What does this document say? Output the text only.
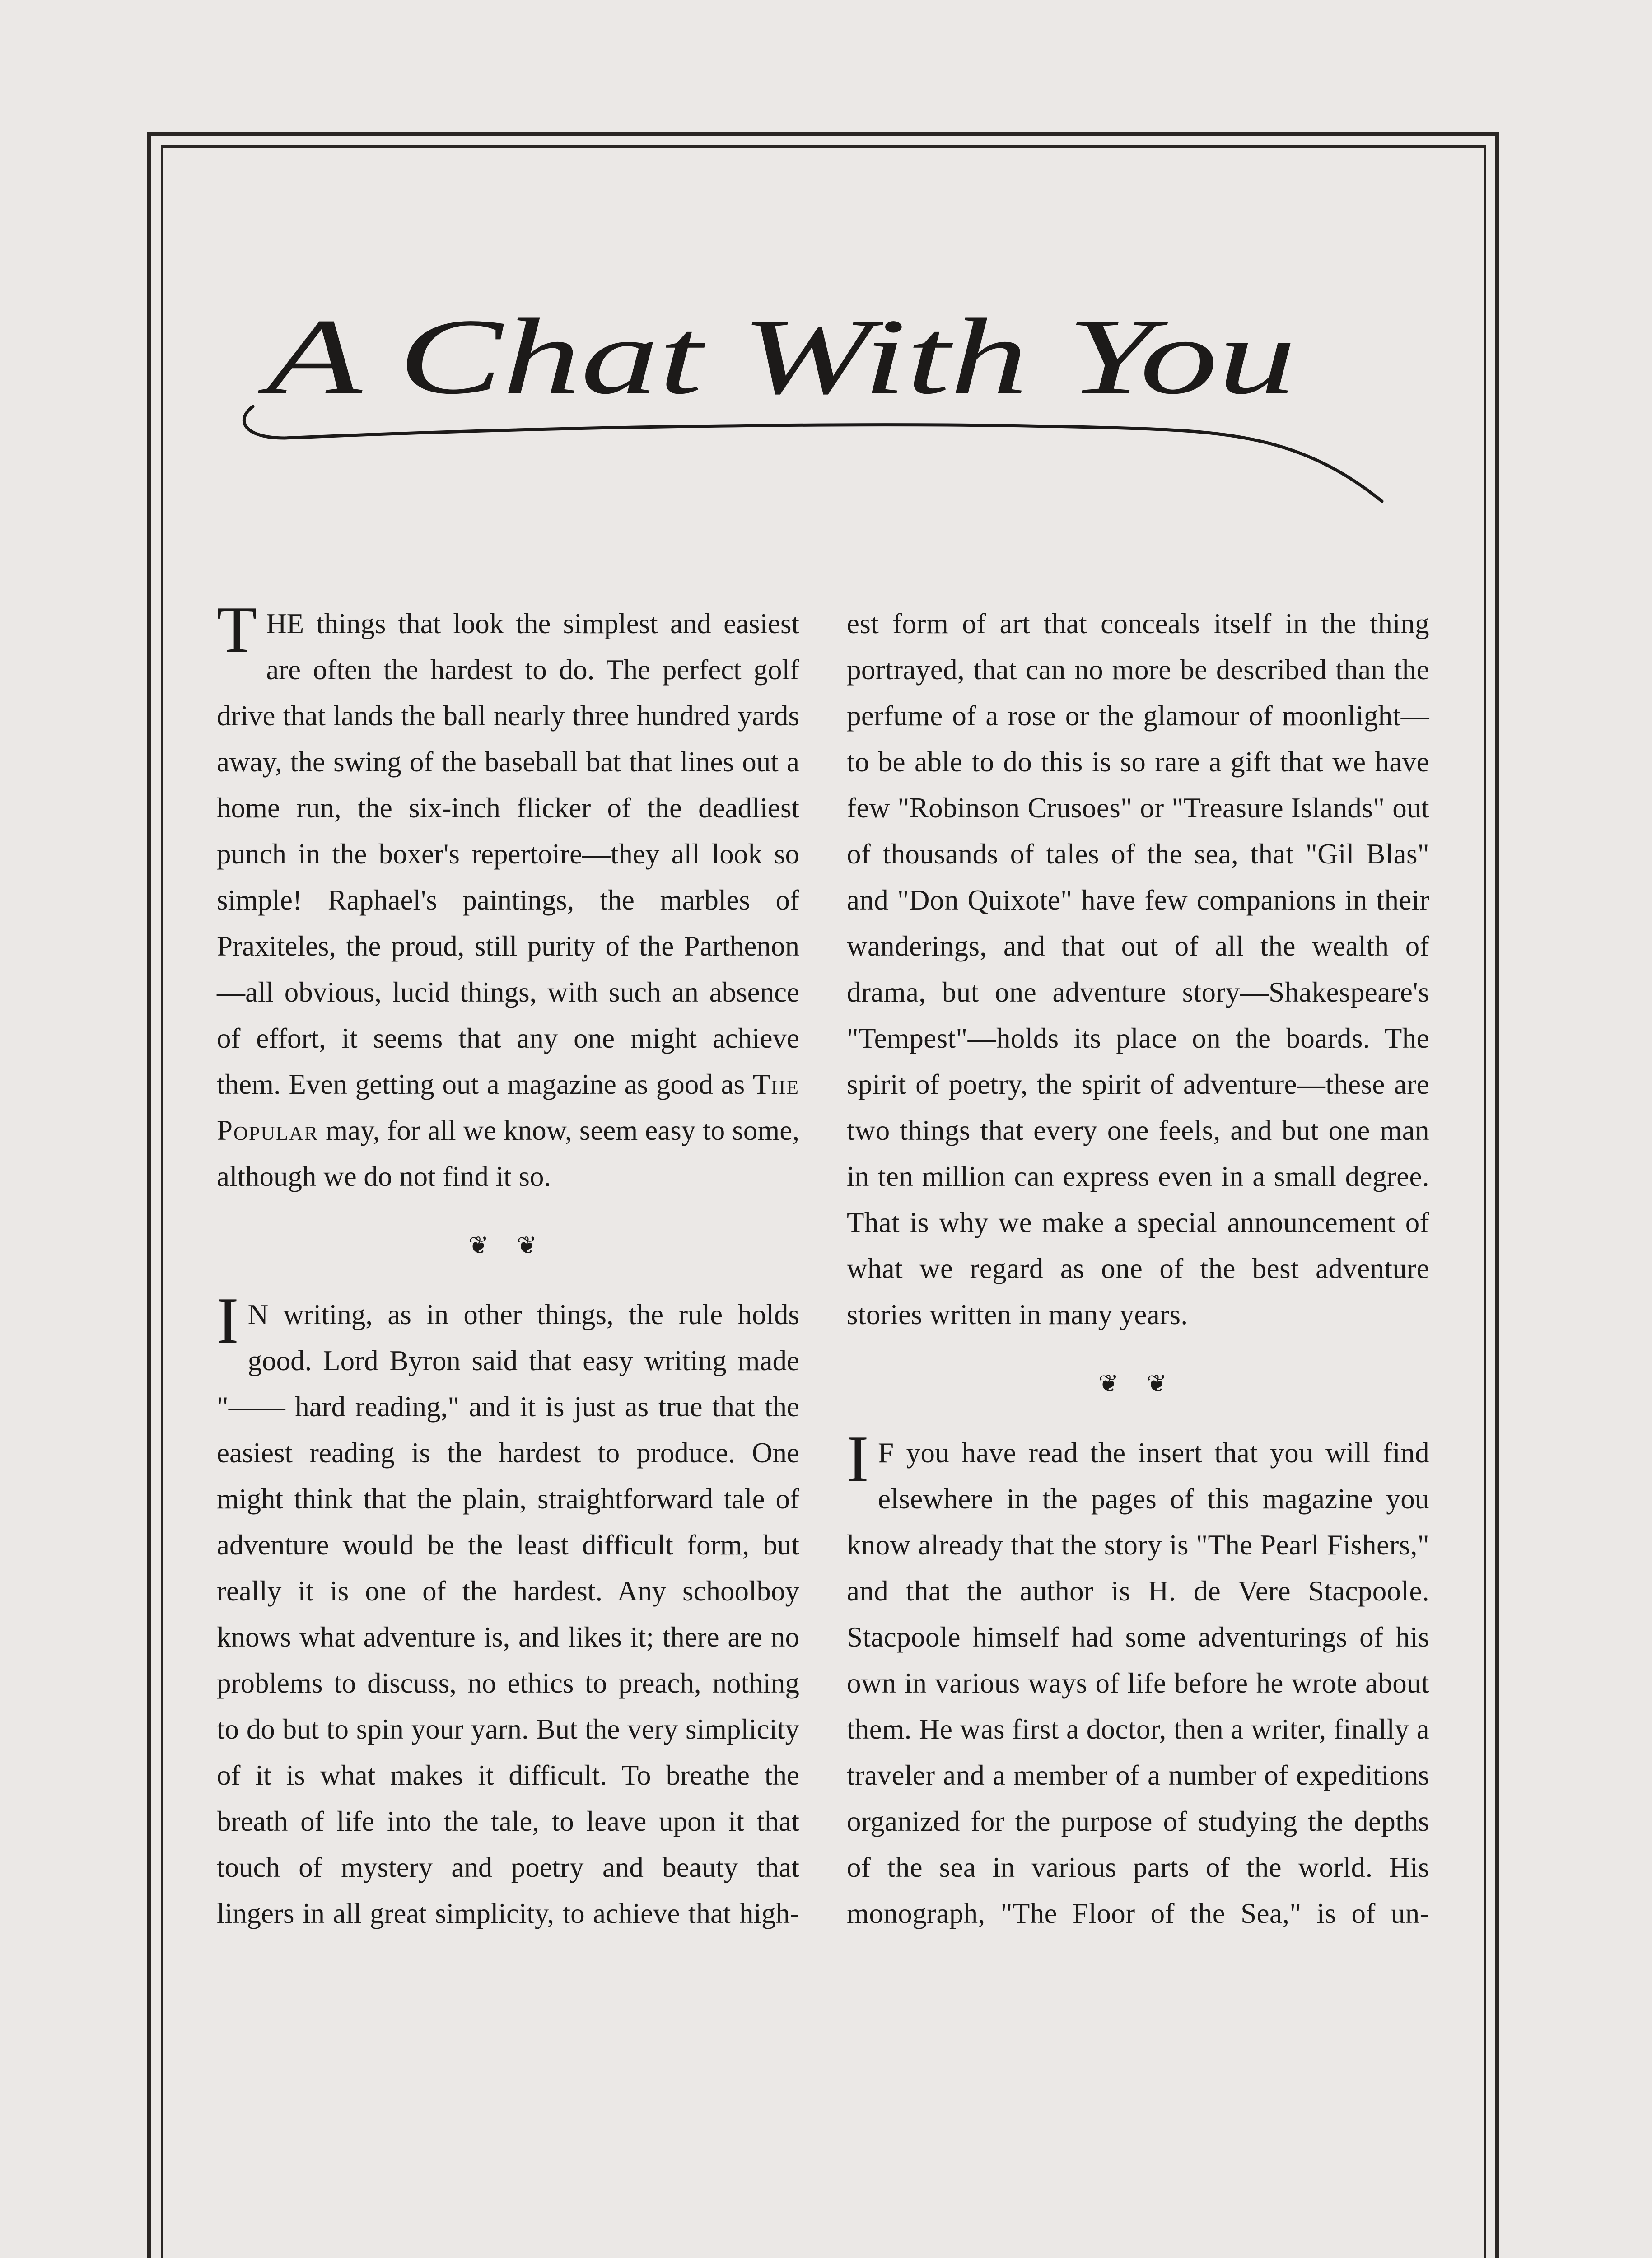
A Chat With You

THE things that look the simplest and easiest are often the hardest to do. The perfect golf drive that lands the ball nearly three hundred yards away, the swing of the baseball bat that lines out a home run, the six-inch flicker of the deadliest punch in the boxer's repertoire—they all look so simple! Raphael's paintings, the marbles of Praxiteles, the proud, still purity of the Parthenon—all obvious, lucid things, with such an absence of effort, it seems that any one might achieve them. Even getting out a magazine as good as The Popular may, for all we know, seem easy to some, although we do not find it so.

❦ ❦

I N writing, as in other things, the rule holds good. Lord Byron said that easy writing made "—— hard reading," and it is just as true that the easiest reading is the hardest to produce. One might think that the plain, straightforward tale of adventure would be the least difficult form, but really it is one of the hardest. Any schoolboy knows what adventure is, and likes it; there are no problems to discuss, no ethics to preach, nothing to do but to spin your yarn. But the very simplicity of it is what makes it difficult. To breathe the breath of life into the tale, to leave upon it that touch of mystery and poetry and beauty that lingers in all great simplicity, to achieve that high-

est form of art that conceals itself in the thing portrayed, that can no more be described than the perfume of a rose or the glamour of moonlight—to be able to do this is so rare a gift that we have few "Robinson Crusoes" or "Treasure Islands" out of thousands of tales of the sea, that "Gil Blas" and "Don Quixote" have few companions in their wanderings, and that out of all the wealth of drama, but one adventure story—Shakespeare's "Tempest"—holds its place on the boards. The spirit of poetry, the spirit of adventure—these are two things that every one feels, and but one man in ten million can express even in a small degree. That is why we make a special announcement of what we regard as one of the best adventure stories written in many years.

❦ ❦

I F you have read the insert that you will find elsewhere in the pages of this magazine you know already that the story is "The Pearl Fishers," and that the author is H. de Vere Stacpoole. Stacpoole himself had some adventurings of his own in various ways of life before he wrote about them. He was first a doctor, then a writer, finally a traveler and a member of a number of expeditions organized for the purpose of studying the depths of the sea in various parts of the world. His monograph, "The Floor of the Sea," is of un-
